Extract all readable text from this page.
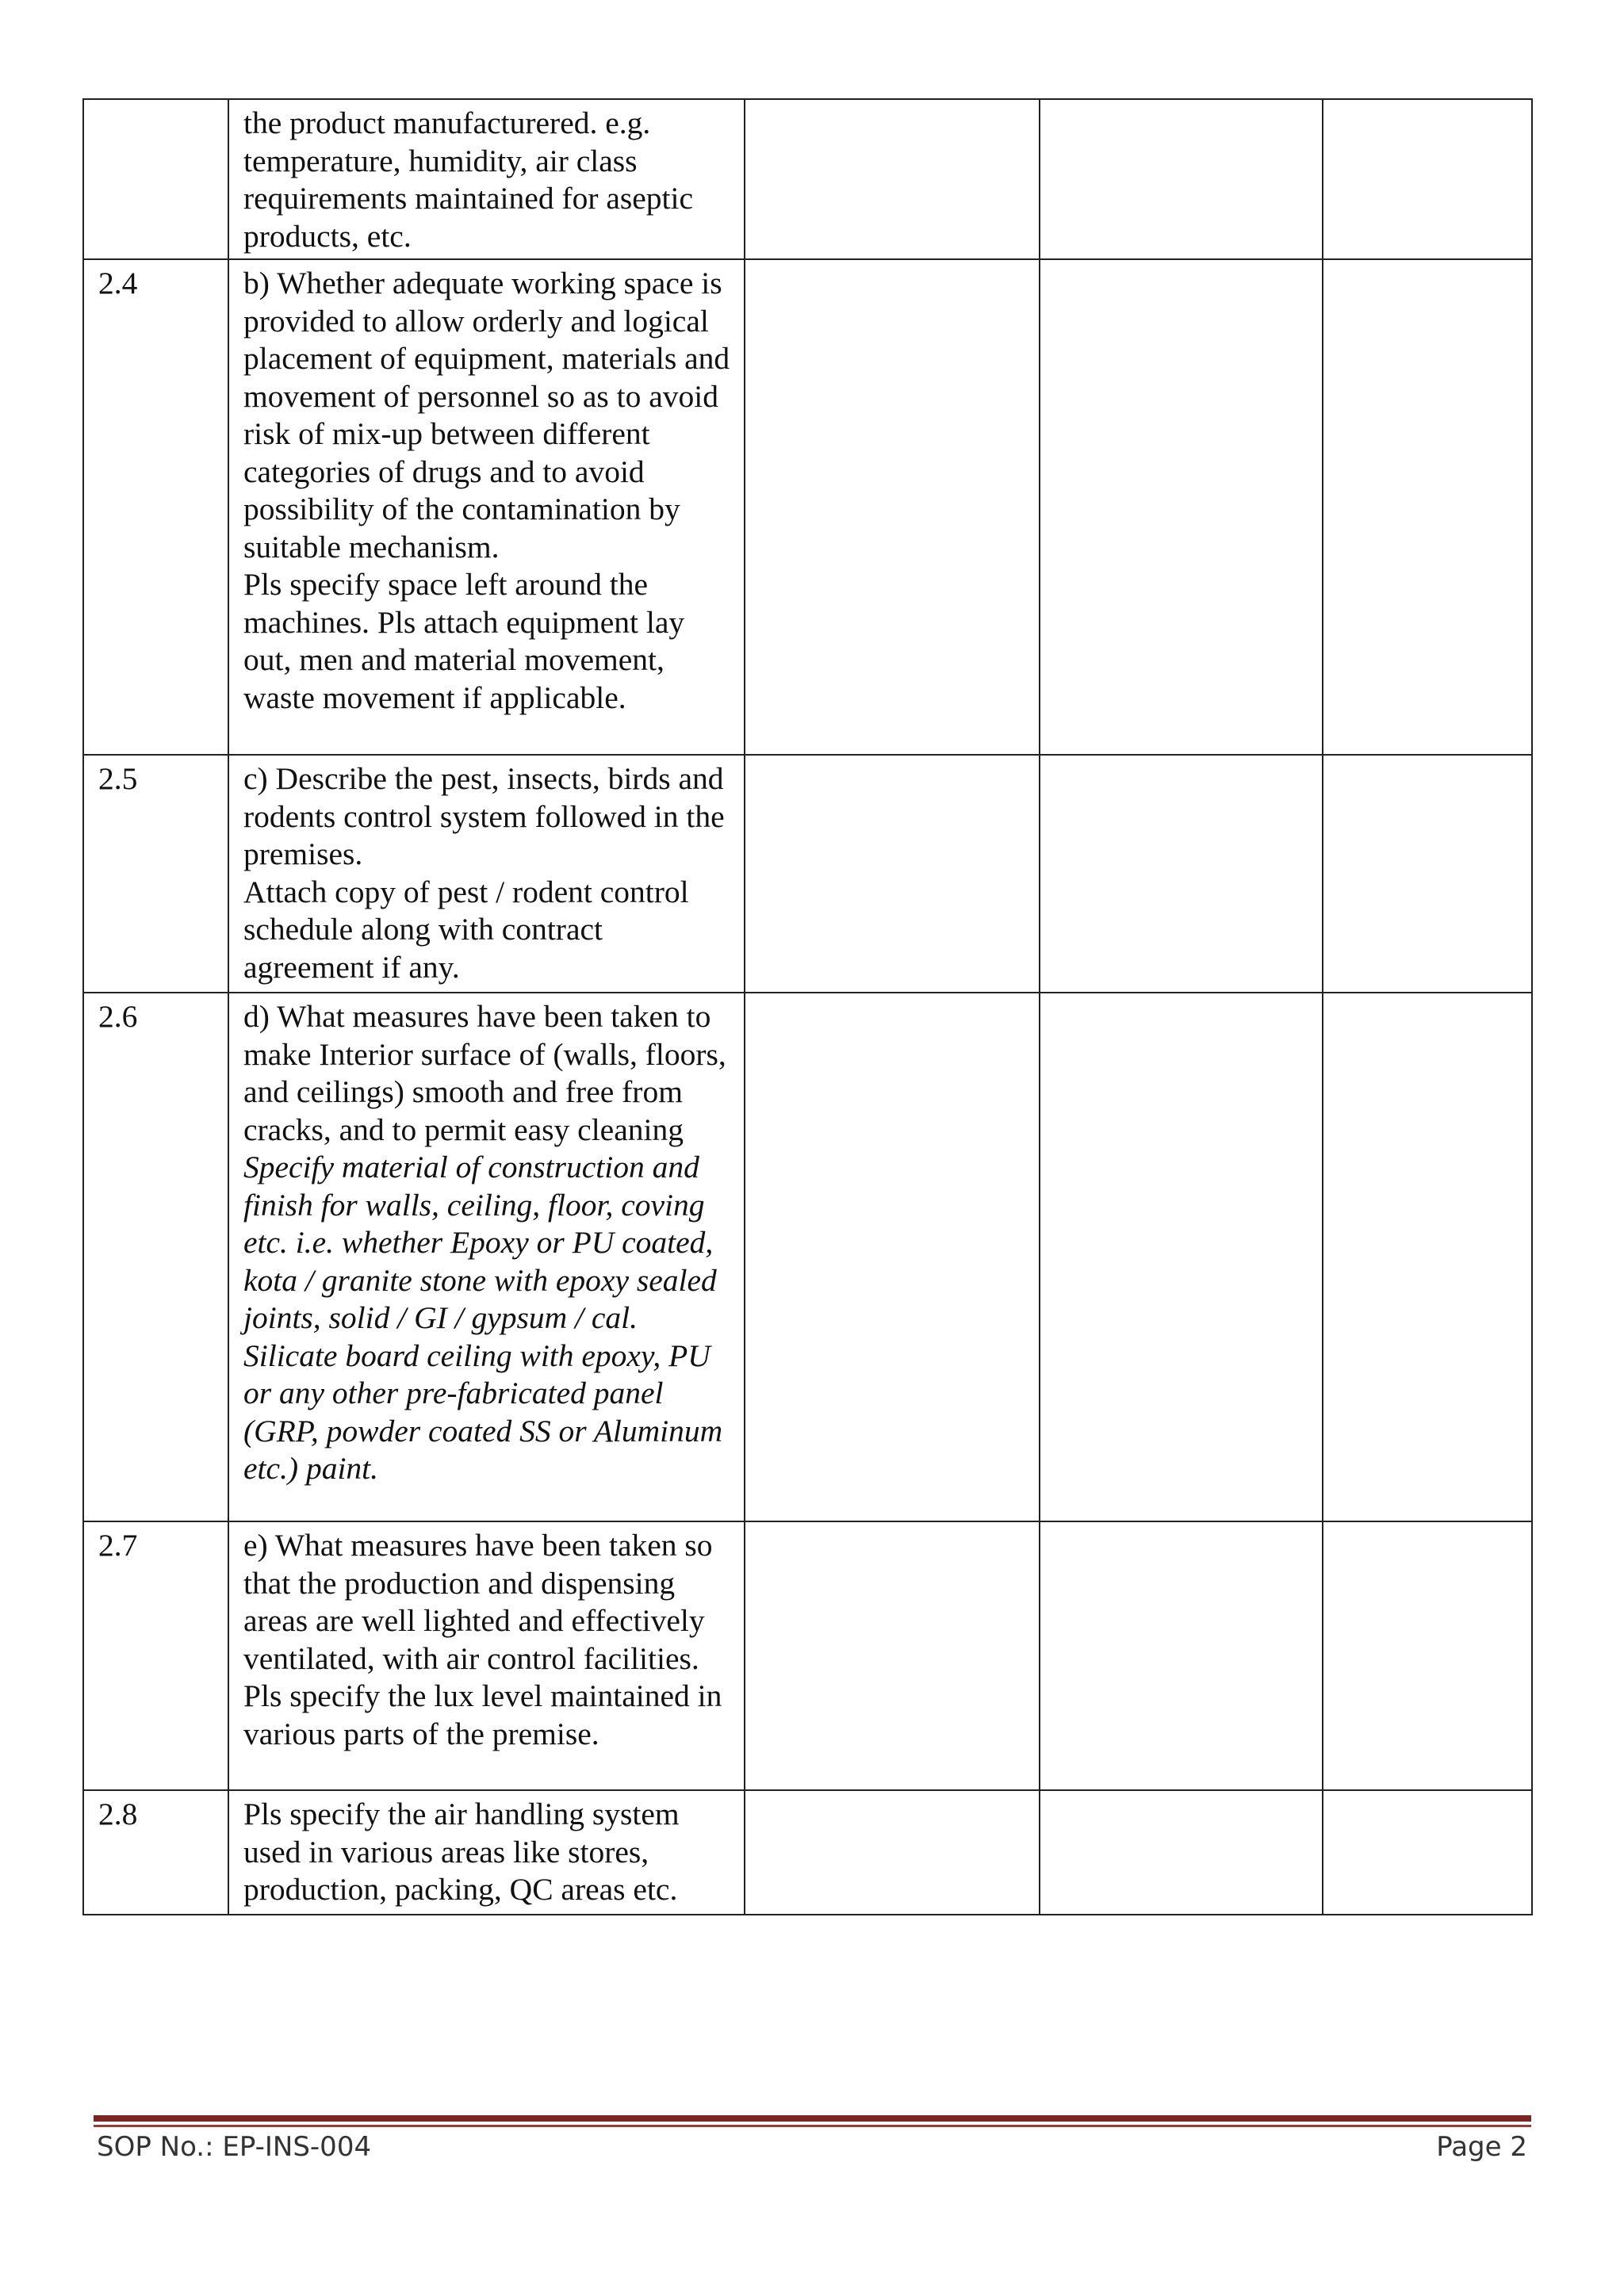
	the product manufacturered. e.g. temperature, humidity, air class requirements maintained for aseptic products, etc.			

2.4	b) Whether adequate working space is provided to allow orderly and logical placement of equipment, materials and movement of personnel so as to avoid risk of mix-up between different categories of drugs and to avoid possibility of the contamination by suitable mechanism.
Pls specify space left around the machines. Pls attach equipment lay out, men and material movement, waste movement if applicable.			

2.5	c) Describe the pest, insects, birds and rodents control system followed in the premises.
Attach copy of pest / rodent control schedule along with contract agreement if any.			

2.6	d) What measures have been taken to make Interior surface of (walls, floors, and ceilings) smooth and free from cracks, and to permit easy cleaning
Specify material of construction and finish for walls, ceiling, floor, coving etc. i.e. whether Epoxy or PU coated, kota / granite stone with epoxy sealed joints, solid / GI / gypsum / cal. Silicate board ceiling with epoxy, PU or any other pre-fabricated panel (GRP, powder coated SS or Aluminum etc.) paint.			

2.7	e) What measures have been taken so that the production and dispensing areas are well lighted and effectively ventilated, with air control facilities.
Pls specify the lux level maintained in various parts of the premise.			

2.8	Pls specify the air handling system used in various areas like stores, production, packing, QC areas etc.			

SOP No.: EP-INS-004	Page 2
